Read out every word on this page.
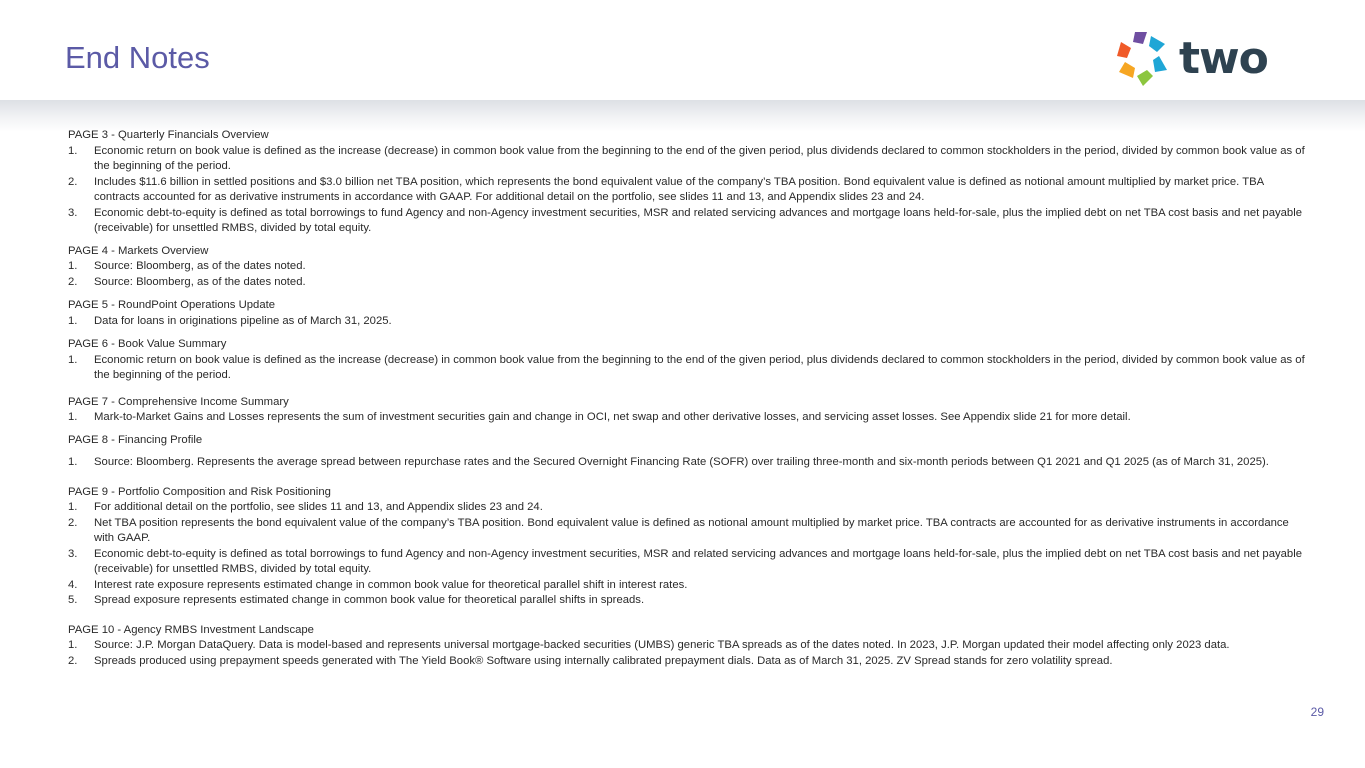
End Notes	two
PAGE 3 - Quarterly Financials Overview
1.	Economic return on book value is defined as the increase (decrease) in common book value from the beginning to the end of the given period, plus dividends declared to common stockholders in the period, divided by common book value as of the beginning of the period.
2.	Includes $11.6 billion in settled positions and $3.0 billion net TBA position, which represents the bond equivalent value of the company’s TBA position. Bond equivalent value is defined as notional amount multiplied by market price. TBA contracts accounted for as derivative instruments in accordance with GAAP. For additional detail on the portfolio, see slides 11 and 13, and Appendix slides 23 and 24.
3.	Economic debt-to-equity is defined as total borrowings to fund Agency and non-Agency investment securities, MSR and related servicing advances and mortgage loans held-for-sale, plus the implied debt on net TBA cost basis and net payable (receivable) for unsettled RMBS, divided by total equity.
PAGE 4 - Markets Overview
1.	Source: Bloomberg, as of the dates noted.
2.	Source: Bloomberg, as of the dates noted.
PAGE 5 - RoundPoint Operations Update
1.	Data for loans in originations pipeline as of March 31, 2025.
PAGE 6 - Book Value Summary
1.	Economic return on book value is defined as the increase (decrease) in common book value from the beginning to the end of the given period, plus dividends declared to common stockholders in the period, divided by common book value as of the beginning of the period.
PAGE 7 - Comprehensive Income Summary
1.	Mark-to-Market Gains and Losses represents the sum of investment securities gain and change in OCI, net swap and other derivative losses, and servicing asset losses. See Appendix slide 21 for more detail.
PAGE 8 - Financing Profile
1.	Source: Bloomberg. Represents the average spread between repurchase rates and the Secured Overnight Financing Rate (SOFR) over trailing three-month and six-month periods between Q1 2021 and Q1 2025 (as of March 31, 2025).
PAGE 9 - Portfolio Composition and Risk Positioning
1.	For additional detail on the portfolio, see slides 11 and 13, and Appendix slides 23 and 24.
2.	Net TBA position represents the bond equivalent value of the company’s TBA position. Bond equivalent value is defined as notional amount multiplied by market price. TBA contracts are accounted for as derivative instruments in accordance with GAAP.
3.	Economic debt-to-equity is defined as total borrowings to fund Agency and non-Agency investment securities, MSR and related servicing advances and mortgage loans held-for-sale, plus the implied debt on net TBA cost basis and net payable (receivable) for unsettled RMBS, divided by total equity.
4.	Interest rate exposure represents estimated change in common book value for theoretical parallel shift in interest rates.
5.	Spread exposure represents estimated change in common book value for theoretical parallel shifts in spreads.
PAGE 10 - Agency RMBS Investment Landscape
1.	Source: J.P. Morgan DataQuery. Data is model-based and represents universal mortgage-backed securities (UMBS) generic TBA spreads as of the dates noted. In 2023, J.P. Morgan updated their model affecting only 2023 data.
2.	Spreads produced using prepayment speeds generated with The Yield Book® Software using internally calibrated prepayment dials. Data as of March 31, 2025. ZV Spread stands for zero volatility spread.
29
